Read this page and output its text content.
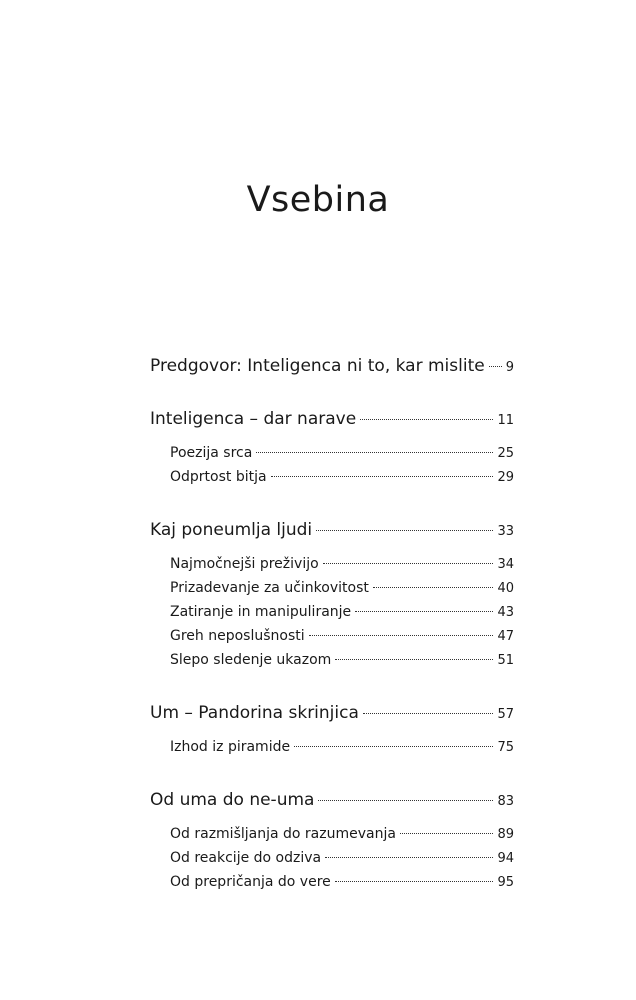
Vsebina
Predgovor: Inteligenca ni to, kar mislite 9
Inteligenca – dar narave	11
Poezija srca	25
Odprtost bitja	29
Kaj poneumlja ljudi	33
Najmočnejši preživijo	34
Prizadevanje za učinkovitost	40
Zatiranje in manipuliranje	43
Greh neposlušnosti	47
Slepo sledenje ukazom	51
Um – Pandorina skrinjica	57
Izhod iz piramide	75
Od uma do ne-uma	83
Od razmišljanja do razumevanja	89
Od reakcije do odziva	94
Od prepričanja do vere	95
